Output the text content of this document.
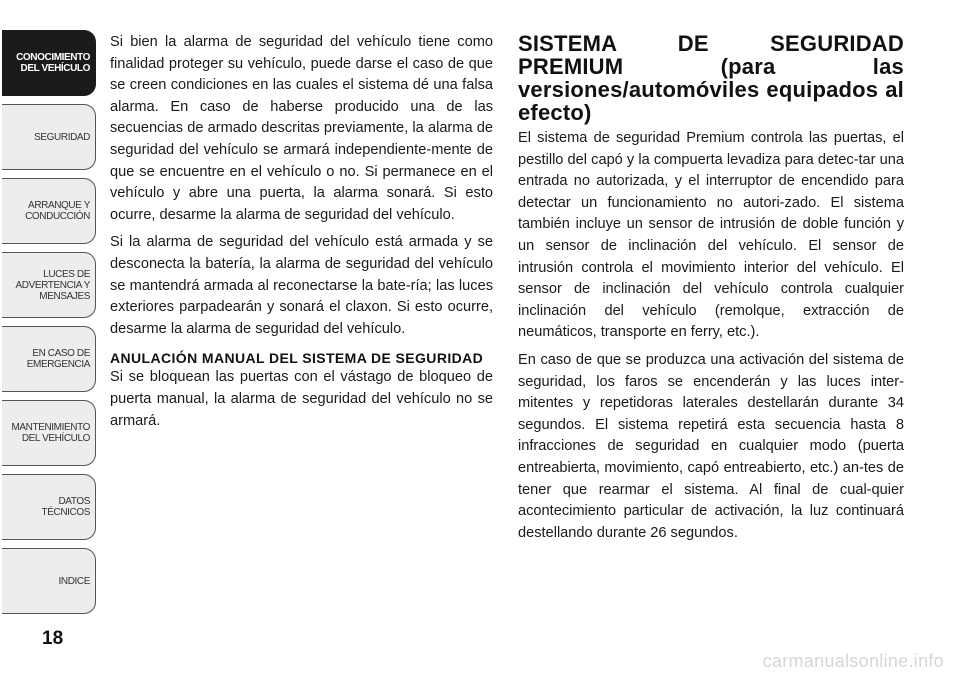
CONOCIMIENTO
DEL VEHÍCULO
SEGURIDAD
ARRANQUE Y
CONDUCCIÓN
LUCES DE
ADVERTENCIA Y
MENSAJES
EN CASO DE
EMERGENCIA
MANTENIMIENTO
DEL VEHÍCULO
DATOS
TÉCNICOS
INDICE
18

Si bien la alarma de seguridad del vehículo tiene como finalidad proteger su vehículo, puede darse el caso de que se creen condiciones en las cuales el sistema dé una falsa alarma. En caso de haberse producido una de las secuencias de armado descritas previamente, la alarma de seguridad del vehículo se armará independiente-mente de que se encuentre en el vehículo o no. Si permanece en el vehículo y abre una puerta, la alarma sonará. Si esto ocurre, desarme la alarma de seguridad del vehículo.

Si la alarma de seguridad del vehículo está armada y se desconecta la batería, la alarma de seguridad del vehículo se mantendrá armada al reconectarse la bate-ría; las luces exteriores parpadearán y sonará el claxon. Si esto ocurre, desarme la alarma de seguridad del vehículo.

ANULACIÓN MANUAL DEL SISTEMA DE SEGURIDAD

Si se bloquean las puertas con el vástago de bloqueo de puerta manual, la alarma de seguridad del vehículo no se armará.

SISTEMA DE SEGURIDAD PREMIUM (para las versiones/automóviles equipados al efecto)

El sistema de seguridad Premium controla las puertas, el pestillo del capó y la compuerta levadiza para detec-tar una entrada no autorizada, y el interruptor de encendido para detectar un funcionamiento no autori-zado. El sistema también incluye un sensor de intrusión de doble función y un sensor de inclinación del vehículo. El sensor de intrusión controla el movimiento interior del vehículo. El sensor de inclinación del vehículo controla cualquier inclinación del vehículo (remolque, extracción de neumáticos, transporte en ferry, etc.).

En caso de que se produzca una activación del sistema de seguridad, los faros se encenderán y las luces inter-mitentes y repetidoras laterales destellarán durante 34 segundos. El sistema repetirá esta secuencia hasta 8 infracciones de seguridad en cualquier modo (puerta entreabierta, movimiento, capó entreabierto, etc.) an-tes de tener que rearmar el sistema. Al final de cual-quier acontecimiento particular de activación, la luz continuará destellando durante 26 segundos.

carmanualsonline.info
